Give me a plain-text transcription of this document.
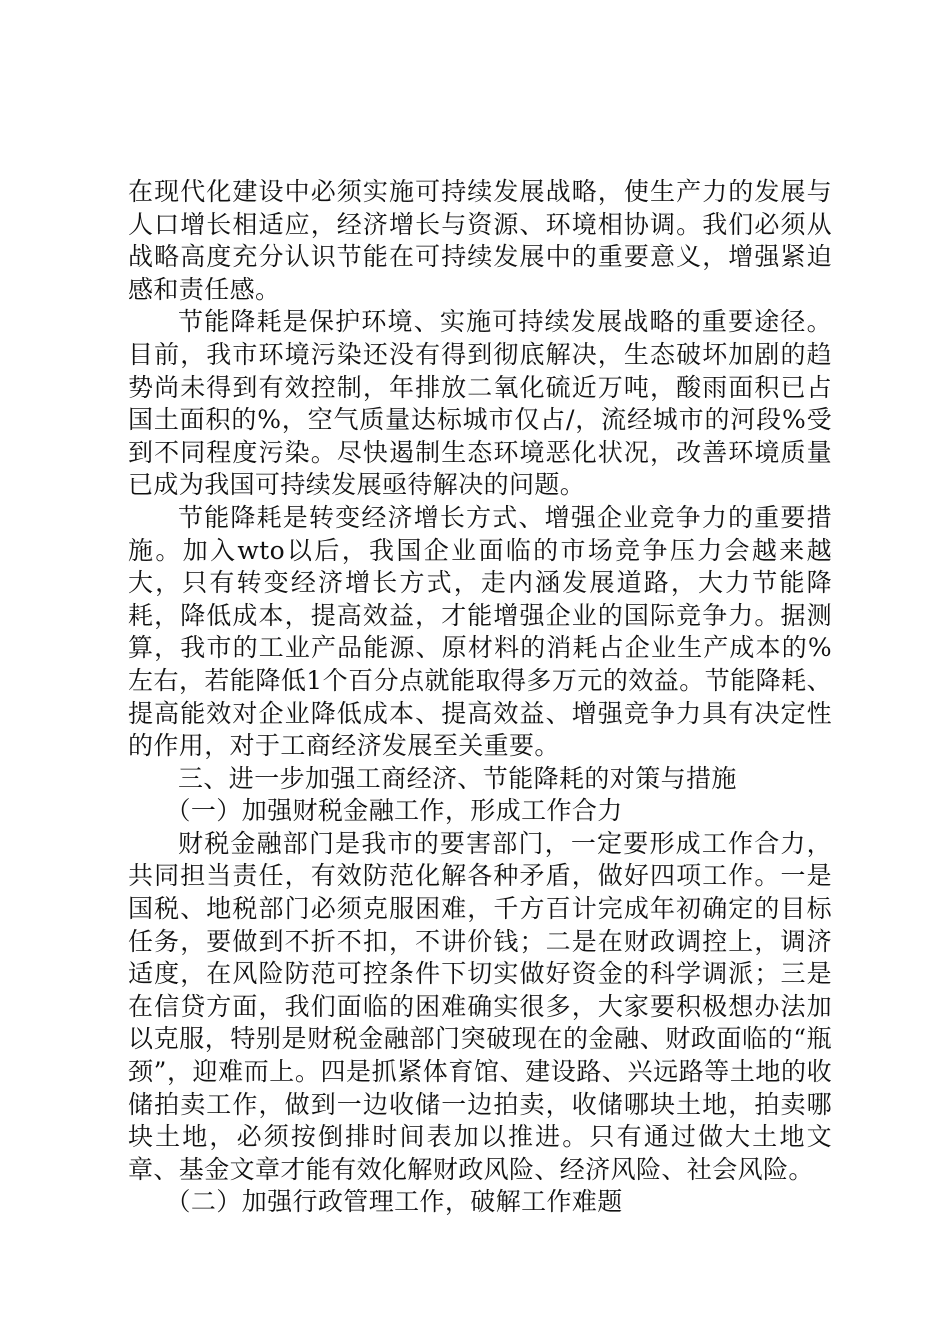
在现代化建设中必须实施可持续发展战略，使生产力的发展与人口增长相适应，经济增长与资源、环境相协调。我们必须从战略高度充分认识节能在可持续发展中的重要意义，增强紧迫感和责任感。

节能降耗是保护环境、实施可持续发展战略的重要途径。目前，我市环境污染还没有得到彻底解决，生态破坏加剧的趋势尚未得到有效控制，年排放二氧化硫近万吨，酸雨面积已占国土面积的%，空气质量达标城市仅占/，流经城市的河段%受到不同程度污染。尽快遏制生态环境恶化状况，改善环境质量已成为我国可持续发展亟待解决的问题。

节能降耗是转变经济增长方式、增强企业竞争力的重要措施。加入wto以后，我国企业面临的市场竞争压力会越来越大，只有转变经济增长方式，走内涵发展道路，大力节能降耗，降低成本，提高效益，才能增强企业的国际竞争力。据测算，我市的工业产品能源、原材料的消耗占企业生产成本的%左右，若能降低1个百分点就能取得多万元的效益。节能降耗、提高能效对企业降低成本、提高效益、增强竞争力具有决定性的作用，对于工商经济发展至关重要。

三、进一步加强工商经济、节能降耗的对策与措施

（一）加强财税金融工作，形成工作合力

财税金融部门是我市的要害部门，一定要形成工作合力，共同担当责任，有效防范化解各种矛盾，做好四项工作。一是国税、地税部门必须克服困难，千方百计完成年初确定的目标任务，要做到不折不扣，不讲价钱；二是在财政调控上，调济适度，在风险防范可控条件下切实做好资金的科学调派；三是在信贷方面，我们面临的困难确实很多，大家要积极想办法加以克服，特别是财税金融部门突破现在的金融、财政面临的“瓶颈”，迎难而上。四是抓紧体育馆、建设路、兴远路等土地的收储拍卖工作，做到一边收储一边拍卖，收储哪块土地，拍卖哪块土地，必须按倒排时间表加以推进。只有通过做大土地文章、基金文章才能有效化解财政风险、经济风险、社会风险。

（二）加强行政管理工作，破解工作难题
